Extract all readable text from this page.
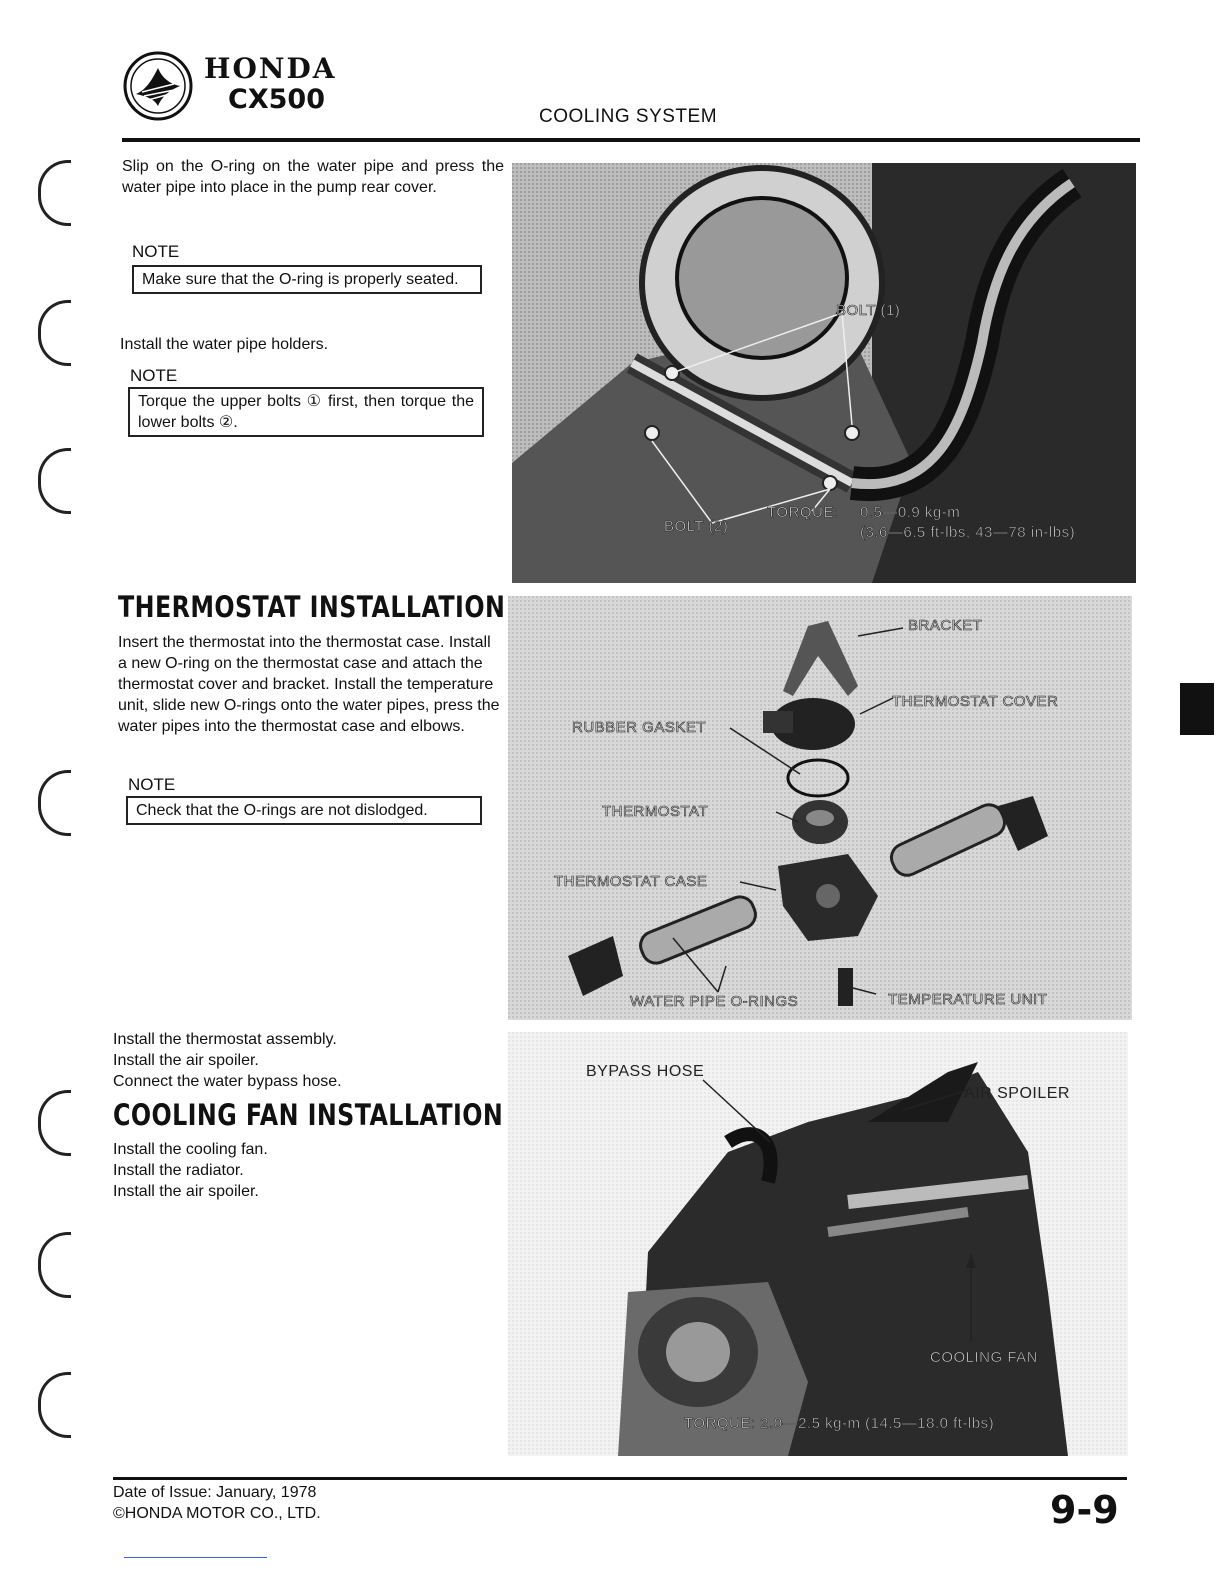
HONDA
CX500
COOLING SYSTEM
Slip on the O-ring on the water pipe and press the water pipe into place in the pump rear cover.
NOTE
Make sure that the O-ring is properly seated.
Install the water pipe holders.
NOTE
Torque the upper bolts ① first, then torque the lower bolts ②.
THERMOSTAT INSTALLATION
Insert the thermostat into the thermostat case. Install a new O-ring on the thermostat case and attach the thermostat cover and bracket. Install the temperature unit, slide new O-rings onto the water pipes, press the water pipes into the thermostat case and elbows.
NOTE
Check that the O-rings are not dislodged.
Install the thermostat assembly.
Install the air spoiler.
Connect the water bypass hose.
COOLING FAN INSTALLATION
Install the cooling fan.
Install the radiator.
Install the air spoiler.
BOLT (1)
BOLT (2)
TORQUE: 0.5—0.9 kg-m
(3.6—6.5 ft-lbs, 43—78 in-lbs)
BRACKET
THERMOSTAT COVER
RUBBER GASKET
THERMOSTAT
THERMOSTAT CASE
WATER PIPE O-RINGS	TEMPERATURE UNIT
BYPASS HOSE
AIR SPOILER
COOLING FAN
TORQUE: 2.0—2.5 kg-m (14.5—18.0 ft-lbs)
Date of Issue: January, 1978
©HONDA MOTOR CO., LTD.	9-9
